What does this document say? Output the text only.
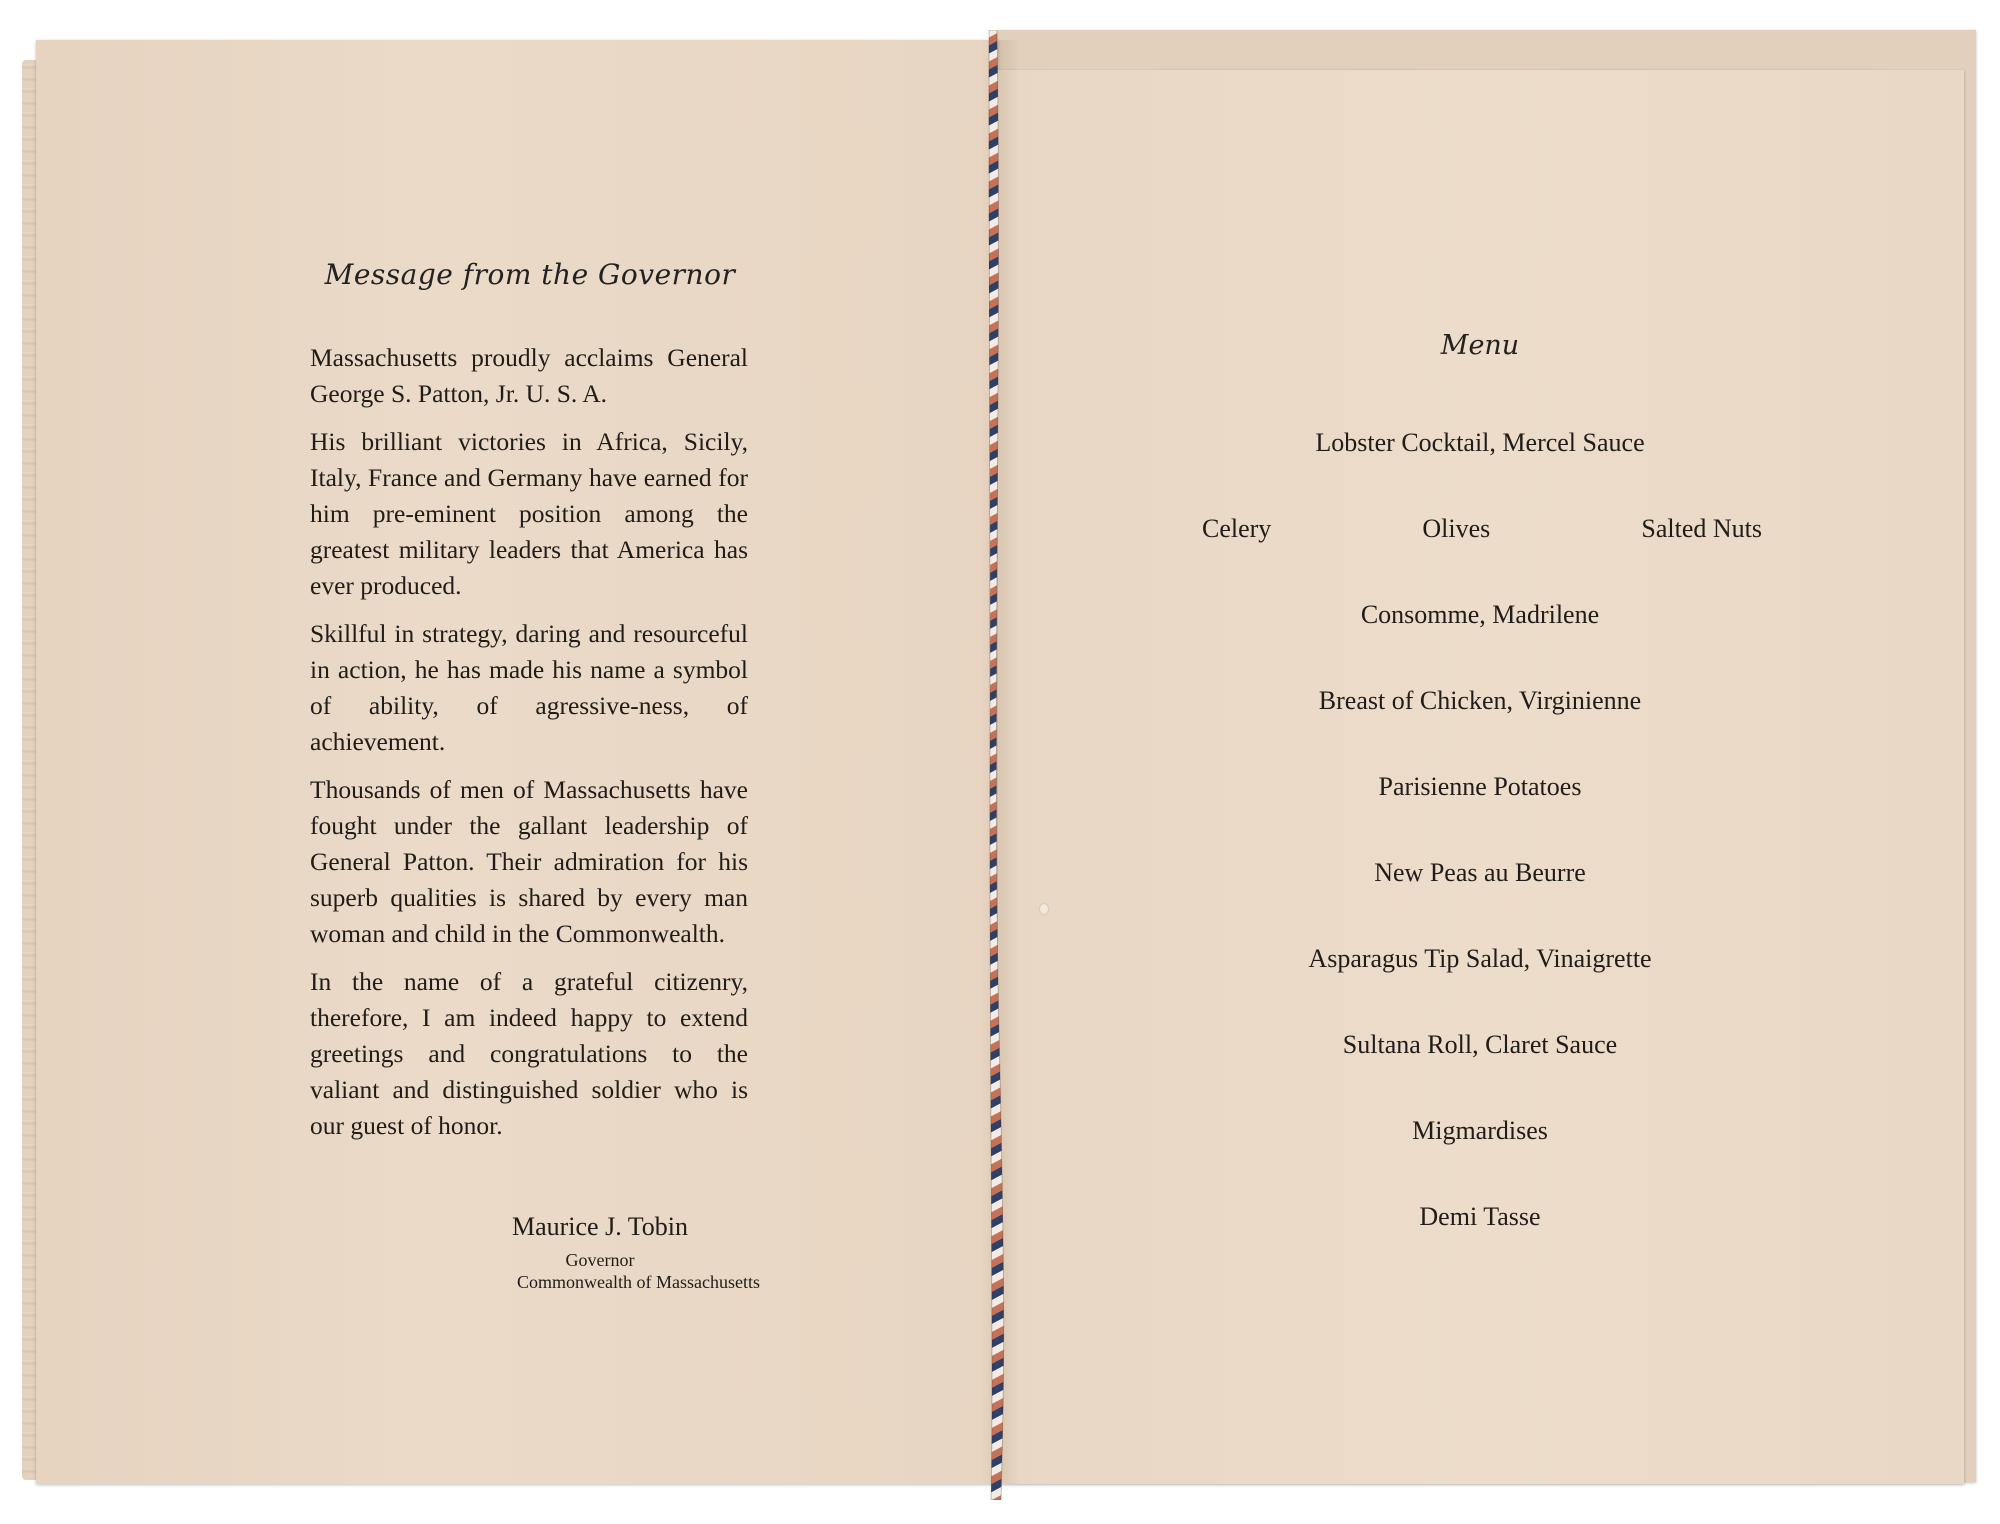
Message from the Governor

Massachusetts proudly acclaims General George S. Patton, Jr. U. S. A.

His brilliant victories in Africa, Sicily, Italy, France and Germany have earned for him pre-eminent position among the greatest military leaders that America has ever produced.

Skillful in strategy, daring and resourceful in action, he has made his name a symbol of ability, of agressive-ness, of achievement.

Thousands of men of Massachusetts have fought under the gallant leadership of General Patton. Their admiration for his superb qualities is shared by every man woman and child in the Commonwealth.

In the name of a grateful citizenry, therefore, I am indeed happy to extend greetings and congratulations to the valiant and distinguished soldier who is our guest of honor.

Maurice J. Tobin
Governor
Commonwealth of Massachusetts
Menu
Lobster Cocktail, Mercel Sauce
Celery	Olives	Salted Nuts
Consomme, Madrilene
Breast of Chicken, Virginienne
Parisienne Potatoes
New Peas au Beurre
Asparagus Tip Salad, Vinaigrette
Sultana Roll, Claret Sauce
Migmardises
Demi Tasse
